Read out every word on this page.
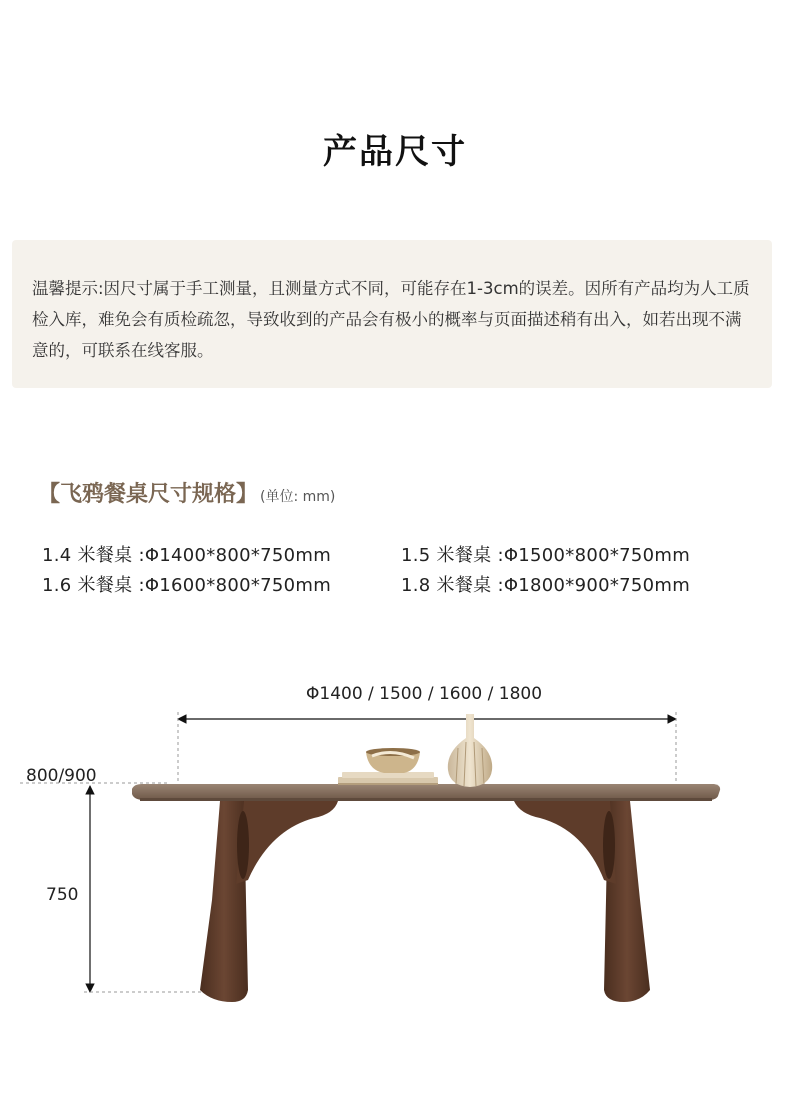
产品尺寸
温馨提示:因尺寸属于手工测量，且测量方式不同，可能存在1-3cm的误差。因所有产品均为人工质检入库，难免会有质检疏忽，导致收到的产品会有极小的概率与页面描述稍有出入，如若出现不满意的，可联系在线客服。
【飞鸦餐桌尺寸规格】 (单位: mm)
1.4 米餐桌 :Φ1400*800*750mm	1.5 米餐桌 :Φ1500*800*750mm
1.6 米餐桌 :Φ1600*800*750mm	1.8 米餐桌 :Φ1800*900*750mm
Φ1400 / 1500 / 1600 / 1800
800/900
750
